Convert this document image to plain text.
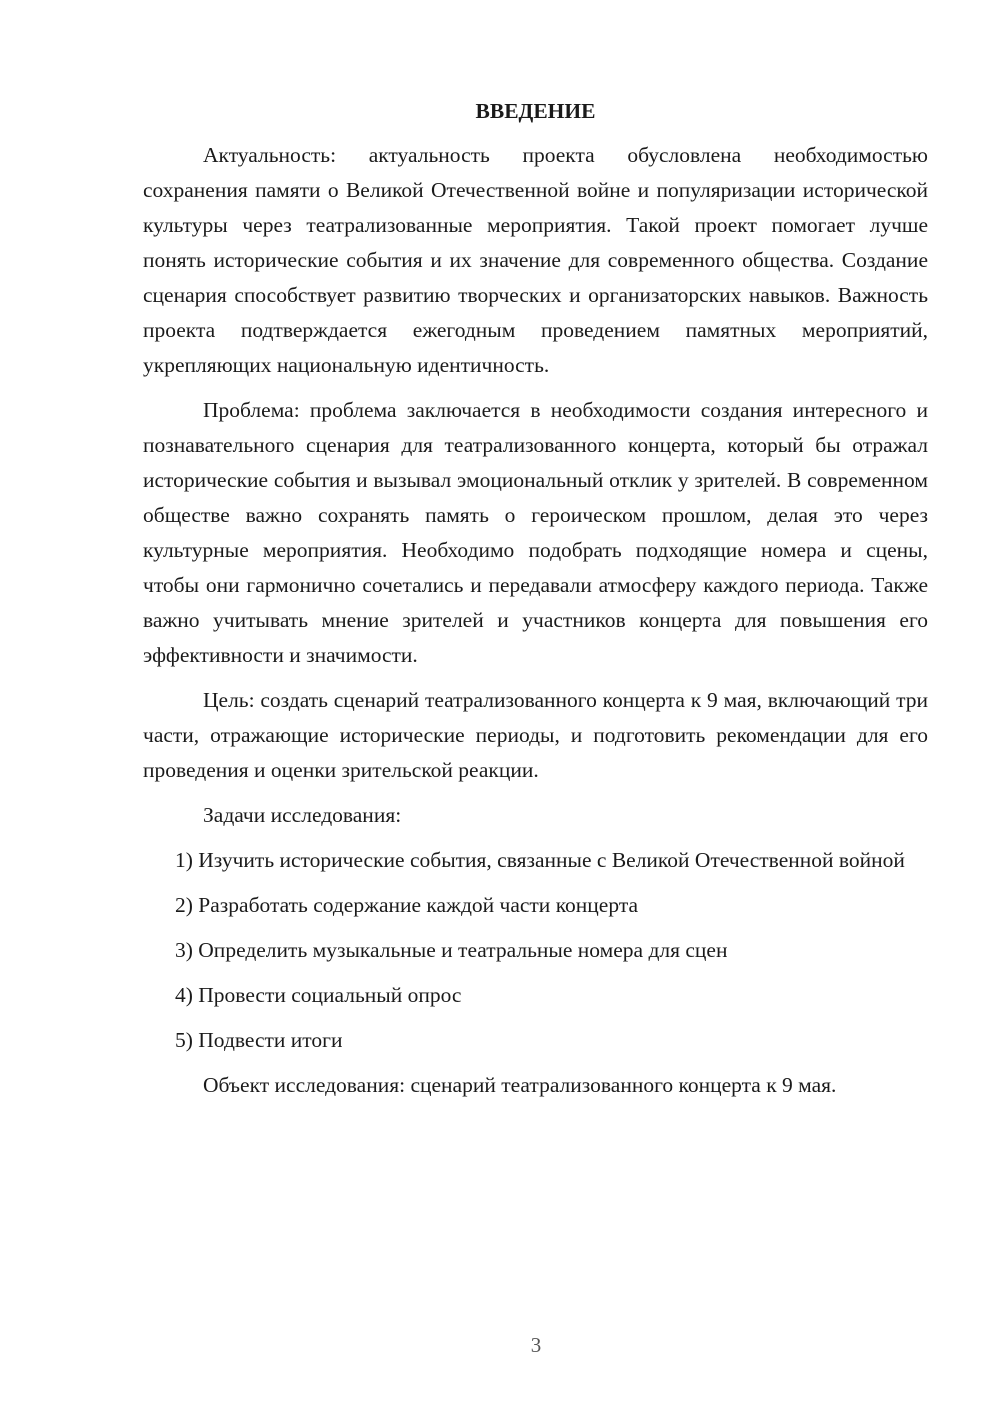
ВВЕДЕНИЕ

Актуальность: актуальность проекта обусловлена необходимостью сохранения памяти о Великой Отечественной войне и популяризации исторической культуры через театрализованные мероприятия. Такой проект помогает лучше понять исторические события и их значение для современного общества. Создание сценария способствует развитию творческих и организаторских навыков. Важность проекта подтверждается ежегодным проведением памятных мероприятий, укрепляющих национальную идентичность.

Проблема: проблема заключается в необходимости создания интересного и познавательного сценария для театрализованного концерта, который бы отражал исторические события и вызывал эмоциональный отклик у зрителей. В современном обществе важно сохранять память о героическом прошлом, делая это через культурные мероприятия. Необходимо подобрать подходящие номера и сцены, чтобы они гармонично сочетались и передавали атмосферу каждого периода. Также важно учитывать мнение зрителей и участников концерта для повышения его эффективности и значимости.

Цель: создать сценарий театрализованного концерта к 9 мая, включающий три части, отражающие исторические периоды, и подготовить рекомендации для его проведения и оценки зрительской реакции.

Задачи исследования:

1) Изучить исторические события, связанные с Великой Отечественной войной

2) Разработать содержание каждой части концерта

3) Определить музыкальные и театральные номера для сцен

4) Провести социальный опрос

5) Подвести итоги

Объект исследования: сценарий театрализованного концерта к 9 мая.

3
